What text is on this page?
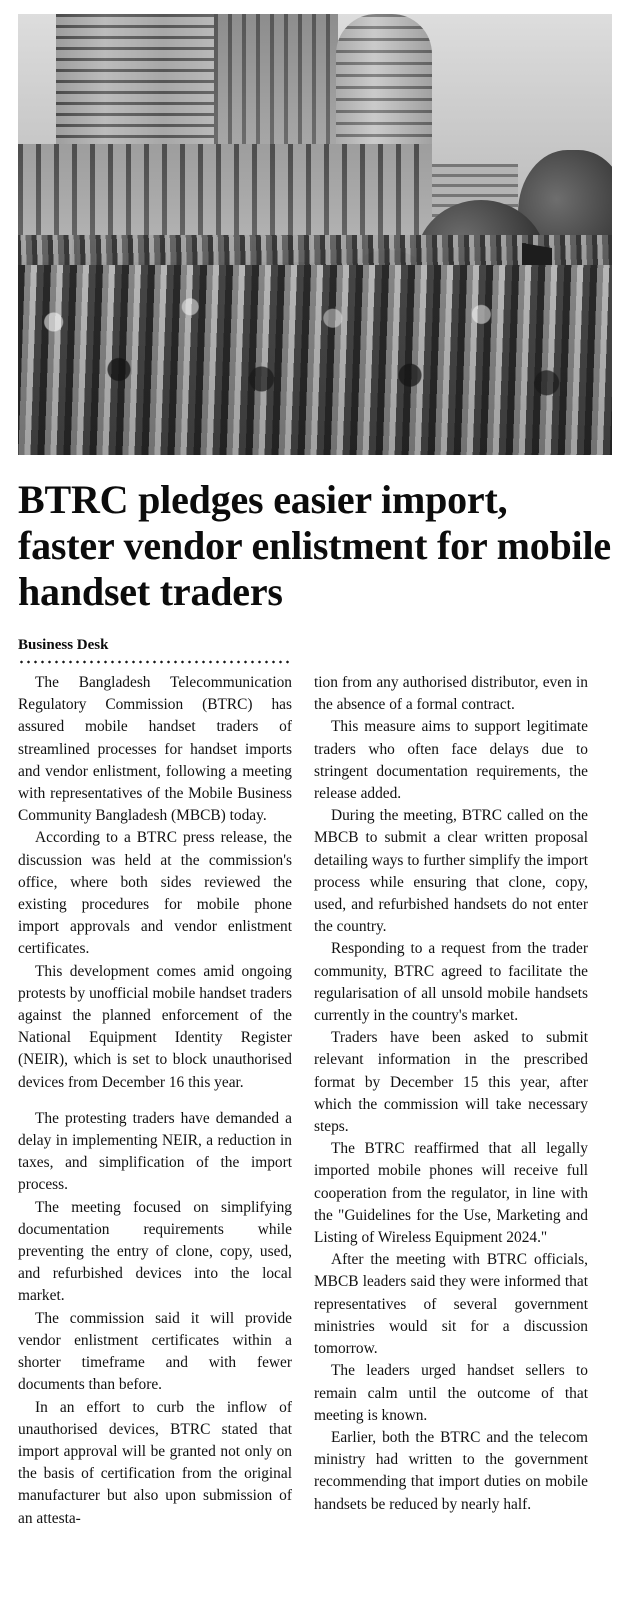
BTRC pledges easier import, faster vendor enlistment for mobile handset traders
Business Desk

The Bangladesh Telecommunication Regulatory Commission (BTRC) has assured mobile handset traders of streamlined processes for handset imports and vendor enlistment, following a meeting with representatives of the Mobile Business Community Bangladesh (MBCB) today.

According to a BTRC press release, the discussion was held at the commission's office, where both sides reviewed the existing procedures for mobile phone import approvals and vendor enlistment certificates.

This development comes amid ongoing protests by unofficial mobile handset traders against the planned enforcement of the National Equipment Identity Register (NEIR), which is set to block unauthorised devices from December 16 this year.

The protesting traders have demanded a delay in implementing NEIR, a reduction in taxes, and simplification of the import process.

The meeting focused on simplifying documentation requirements while preventing the entry of clone, copy, used, and refurbished devices into the local market.

The commission said it will provide vendor enlistment certificates within a shorter timeframe and with fewer documents than before.

In an effort to curb the inflow of unauthorised devices, BTRC stated that import approval will be granted not only on the basis of certification from the original manufacturer but also upon submission of an attesta-

tion from any authorised distributor, even in the absence of a formal contract.

This measure aims to support legitimate traders who often face delays due to stringent documentation requirements, the release added.

During the meeting, BTRC called on the MBCB to submit a clear written proposal detailing ways to further simplify the import process while ensuring that clone, copy, used, and refurbished handsets do not enter the country.

Responding to a request from the trader community, BTRC agreed to facilitate the regularisation of all unsold mobile handsets currently in the country's market.

Traders have been asked to submit relevant information in the prescribed format by December 15 this year, after which the commission will take necessary steps.

The BTRC reaffirmed that all legally imported mobile phones will receive full cooperation from the regulator, in line with the "Guidelines for the Use, Marketing and Listing of Wireless Equipment 2024."

After the meeting with BTRC officials, MBCB leaders said they were informed that representatives of several government ministries would sit for a discussion tomorrow.

The leaders urged handset sellers to remain calm until the outcome of that meeting is known.

Earlier, both the BTRC and the telecom ministry had written to the government recommending that import duties on mobile handsets be reduced by nearly half.
